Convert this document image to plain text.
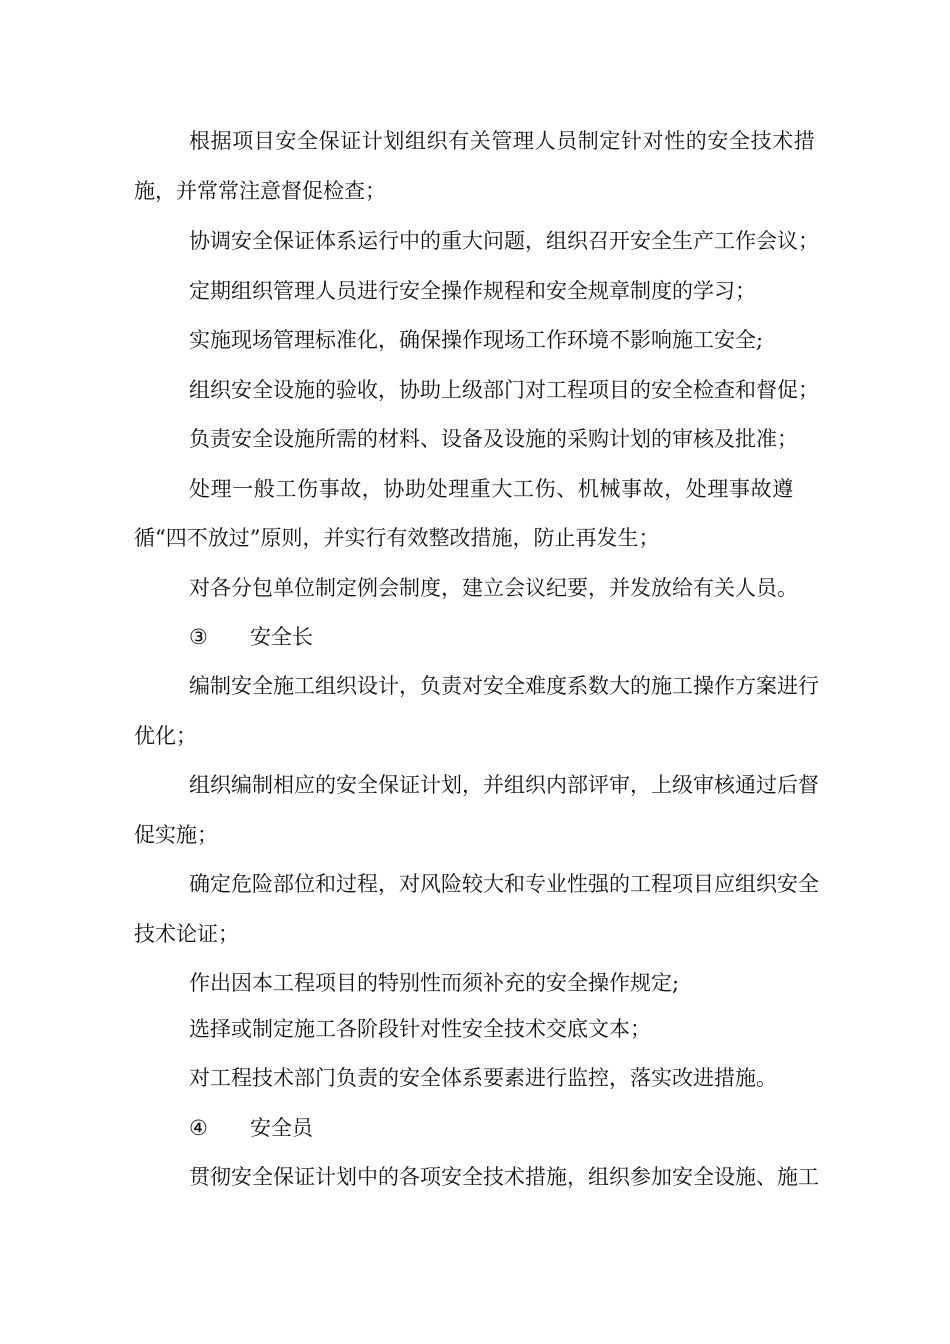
根据项目安全保证计划组织有关管理人员制定针对性的安全技术措
施，并常常注意督促检查；
协调安全保证体系运行中的重大问题，组织召开安全生产工作会议；
定期组织管理人员进行安全操作规程和安全规章制度的学习；
实施现场管理标准化，确保操作现场工作环境不影响施工安全;
组织安全设施的验收，协助上级部门对工程项目的安全检查和督促；
负责安全设施所需的材料、设备及设施的采购计划的审核及批准；
处理一般工伤事故，协助处理重大工伤、机械事故，处理事故遵
循“四不放过”原则，并实行有效整改措施，防止再发生；
对各分包单位制定例会制度，建立会议纪要，并发放给有关人员。
③ 安全长
编制安全施工组织设计，负责对安全难度系数大的施工操作方案进行
优化；
组织编制相应的安全保证计划，并组织内部评审，上级审核通过后督
促实施；
确定危险部位和过程，对风险较大和专业性强的工程项目应组织安全
技术论证；
作出因本工程项目的特别性而须补充的安全操作规定;
选择或制定施工各阶段针对性安全技术交底文本；
对工程技术部门负责的安全体系要素进行监控，落实改进措施。
④ 安全员
贯彻安全保证计划中的各项安全技术措施，组织参加安全设施、施工
